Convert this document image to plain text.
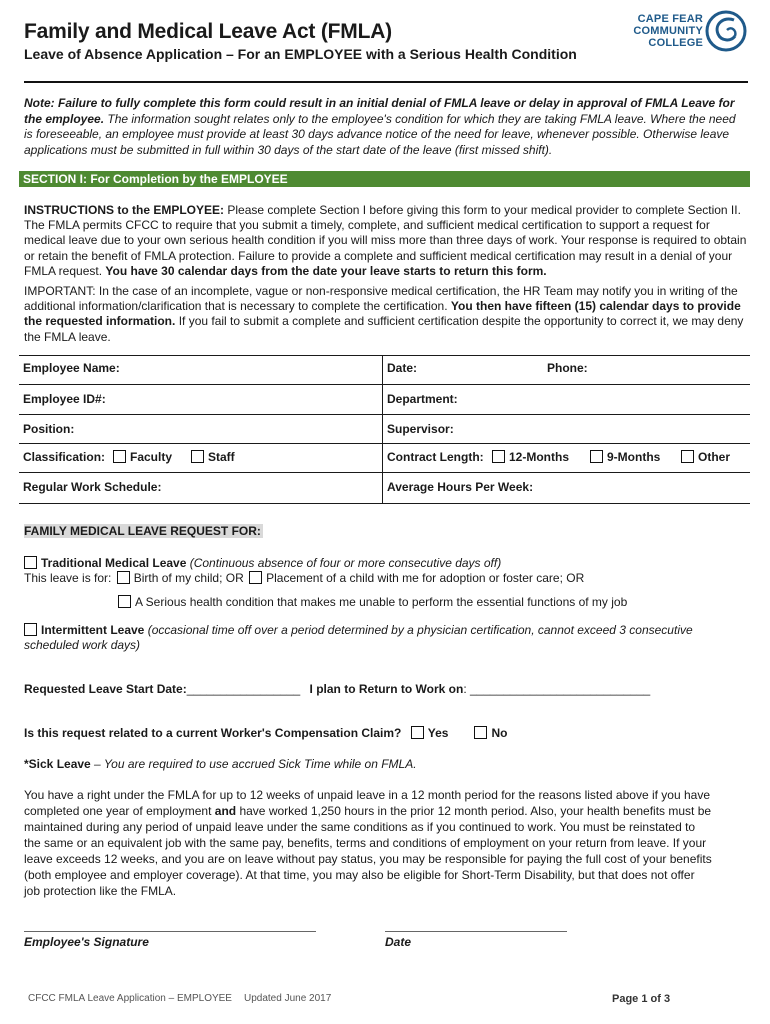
Family and Medical Leave Act (FMLA)
Leave of Absence Application – For an EMPLOYEE with a Serious Health Condition
CAPE FEAR
COMMUNITY
COLLEGE
Note: Failure to fully complete this form could result in an initial denial of FMLA leave or delay in approval of FMLA Leave for the employee. The information sought relates only to the employee's condition for which they are taking FMLA leave. Where the need is foreseeable, an employee must provide at least 30 days advance notice of the need for leave, whenever possible. Otherwise leave applications must be submitted in full within 30 days of the start date of the leave (first missed shift).
SECTION I: For Completion by the EMPLOYEE
INSTRUCTIONS to the EMPLOYEE: Please complete Section I before giving this form to your medical provider to complete Section II. The FMLA permits CFCC to require that you submit a timely, complete, and sufficient medical certification to support a request for medical leave due to your own serious health condition if you will miss more than three days of work. Your response is required to obtain or retain the benefit of FMLA protection. Failure to provide a complete and sufficient medical certification may result in a denial of your FMLA request. You have 30 calendar days from the date your leave starts to return this form.
IMPORTANT: In the case of an incomplete, vague or non-responsive medical certification, the HR Team may notify you in writing of the additional information/clarification that is necessary to complete the certification. You then have fifteen (15) calendar days to provide the requested information. If you fail to submit a complete and sufficient certification despite the opportunity to correct it, we may deny the FMLA leave.
Employee Name:	Date:	Phone:
Employee ID#:	Department:
Position:	Supervisor:
Classification:	Faculty	Staff	Contract Length:	12-Months	9-Months	Other
Regular Work Schedule:	Average Hours Per Week:
FAMILY MEDICAL LEAVE REQUEST FOR:
Traditional Medical Leave (Continuous absence of four or more consecutive days off)
This leave is for: Birth of my child; OR Placement of a child with me for adoption or foster care; OR
A Serious health condition that makes me unable to perform the essential functions of my job
Intermittent Leave (occasional time off over a period determined by a physician certification, cannot exceed 3 consecutive
scheduled work days)
Requested Leave Start Date:_________________ I plan to Return to Work on: ___________________________
Is this request related to a current Worker's Compensation Claim? Yes	No
*Sick Leave – You are required to use accrued Sick Time while on FMLA.
You have a right under the FMLA for up to 12 weeks of unpaid leave in a 12 month period for the reasons listed above if you have
completed one year of employment and have worked 1,250 hours in the prior 12 month period. Also, your health benefits must be
maintained during any period of unpaid leave under the same conditions as if you continued to work. You must be reinstated to
the same or an equivalent job with the same pay, benefits, terms and conditions of employment on your return from leave. If your
leave exceeds 12 weeks, and you are on leave without pay status, you may be responsible for paying the full cost of your benefits
(both employee and employer coverage). At that time, you may also be eligible for Short-Term Disability, but that does not offer
job protection like the FMLA.
Employee's Signature	Date
CFCC FMLA Leave Application – EMPLOYEE Updated June 2017	Page 1 of 3
